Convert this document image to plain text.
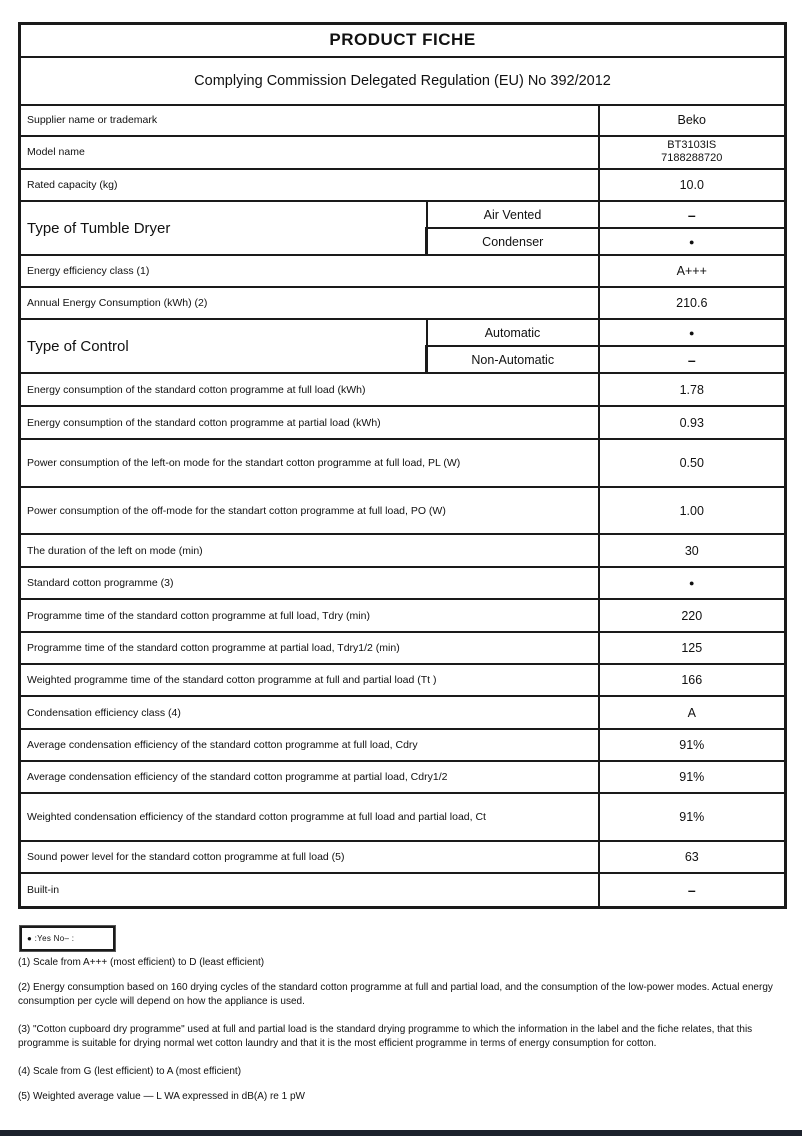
PRODUCT FICHE		
Complying Commission Delegated Regulation (EU) No 392/2012		
Supplier name or trademark		Beko
Model name		BT3103IS
7188288720

Rated capacity (kg)		10.0
Type of Tumble Dryer	Air Vented	–
	Condenser	●
Energy efficiency class (1)		A+++
Annual Energy Consumption (kWh) (2)		210.6
Type of Control	Automatic	●
	Non-Automatic	–
Energy consumption of the standard cotton programme at full load (kWh)		1.78
Energy consumption of the standard cotton programme at partial load (kWh)		0.93
Power consumption of the left-on mode for the standart cotton programme at full load, PL (W)		0.50
Power consumption of the off-mode for the standart cotton programme at full load, PO (W)		1.00
The duration of the left on mode (min)		30
Standard cotton programme (3)		●
Programme time of the standard cotton programme at full load, Tdry (min)		220
Programme time of the standard cotton programme at partial load, Tdry1/2 (min)		125
Weighted programme time of the standard cotton programme at full and partial load (Tt )		166
Condensation efficiency class (4)		A
Average condensation efficiency of the standard cotton programme at full load, Cdry		91%
Average condensation efficiency of the standard cotton programme at partial load, Cdry1/2		91%
Weighted condensation efficiency of the standard cotton programme at full load and partial load, Ct		91%
Sound power level for the standard cotton programme at full load (5)		63
Built-in		–
● :Yes No– :
(1) Scale from A+++ (most efficient) to D (least efficient)
(2) Energy consumption based on 160 drying cycles of the standard cotton programme at full and partial load, and the consumption of the low-power modes. Actual energy consumption per cycle will depend on how the appliance is used.
(3) "Cotton cupboard dry programme" used at full and partial load is the standard drying programme to which the information in the label and the fiche relates, that this programme is suitable for drying normal wet cotton laundry and that it is the most efficient programme in terms of energy consumption for cotton.
(4) Scale from G (lest efficient) to A (most efficient)
(5) Weighted average value — L WA expressed in dB(A) re 1 pW
